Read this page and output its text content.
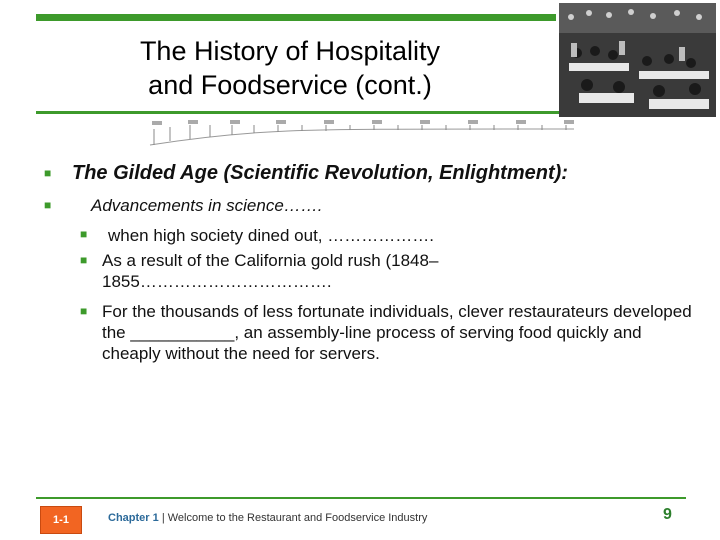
The History of Hospitality
and Foodservice (cont.)
■ The Gilded Age (Scientific Revolution, Enlightment):
■ Advancements in science…….
■ when high society dined out, ……………….
■ As a result of the California gold rush (1848–1855…………………………….
■ For the thousands of less fortunate individuals, clever restaurateurs developed the ___________, an assembly-line process of serving food quickly and cheaply without the need for servers.
1-1	Chapter 1 | Welcome to the Restaurant and Foodservice Industry	9
